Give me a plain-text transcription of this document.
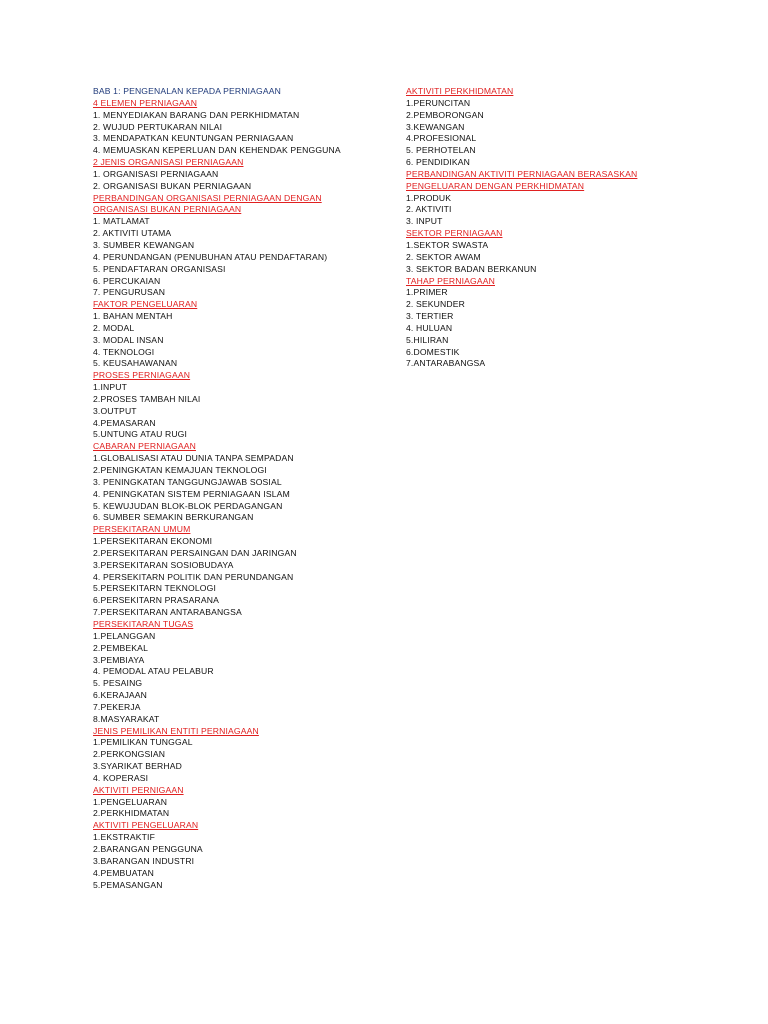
BAB 1: PENGENALAN KEPADA PERNIAGAAN
4 ELEMEN PERNIAGAAN
1. MENYEDIAKAN BARANG DAN PERKHIDMATAN
2. WUJUD PERTUKARAN NILAI
3. MENDAPATKAN KEUNTUNGAN PERNIAGAAN
4. MEMUASKAN KEPERLUAN DAN KEHENDAK PENGGUNA
2 JENIS ORGANISASI PERNIAGAAN
1. ORGANISASI PERNIAGAAN
2. ORGANISASI BUKAN PERNIAGAAN
PERBANDINGAN ORGANISASI PERNIAGAAN DENGAN
ORGANISASI BUKAN PERNIAGAAN
1. MATLAMAT
2. AKTIVITI UTAMA
3. SUMBER KEWANGAN
4. PERUNDANGAN (PENUBUHAN ATAU PENDAFTARAN)
5. PENDAFTARAN ORGANISASI
6. PERCUKAIAN
7. PENGURUSAN
FAKTOR PENGELUARAN
1. BAHAN MENTAH
2. MODAL
3. MODAL INSAN
4. TEKNOLOGI
5. KEUSAHAWANAN
PROSES PERNIAGAAN
1.INPUT
2.PROSES TAMBAH NILAI
3.OUTPUT
4.PEMASARAN
5.UNTUNG ATAU RUGI
CABARAN PERNIAGAAN
1.GLOBALISASI ATAU DUNIA TANPA SEMPADAN
2.PENINGKATAN KEMAJUAN TEKNOLOGI
3. PENINGKATAN TANGGUNGJAWAB SOSIAL
4. PENINGKATAN SISTEM PERNIAGAAN ISLAM
5. KEWUJUDAN BLOK-BLOK PERDAGANGAN
6. SUMBER SEMAKIN BERKURANGAN
PERSEKITARAN UMUM
1.PERSEKITARAN EKONOMI
2.PERSEKITARAN PERSAINGAN DAN JARINGAN
3.PERSEKITARAN SOSIOBUDAYA
4. PERSEKITARN POLITIK DAN PERUNDANGAN
5.PERSEKITARN TEKNOLOGI
6.PERSEKITARN PRASARANA
7.PERSEKITARAN ANTARABANGSA
PERSEKITARAN TUGAS
1.PELANGGAN
2.PEMBEKAL
3.PEMBIAYA
4. PEMODAL ATAU PELABUR
5. PESAING
6.KERAJAAN
7.PEKERJA
8.MASYARAKAT
JENIS PEMILIKAN ENTITI PERNIAGAAN
1.PEMILIKAN TUNGGAL
2.PERKONGSIAN
3.SYARIKAT BERHAD
4. KOPERASI
AKTIVITI PERNIGAAN
1.PENGELUARAN
2.PERKHIDMATAN
AKTIVITI PENGELUARAN
1.EKSTRAKTIF
2.BARANGAN PENGGUNA
3.BARANGAN INDUSTRI
4.PEMBUATAN
5.PEMASANGAN
AKTIVITI PERKHIDMATAN
1.PERUNCITAN
2.PEMBORONGAN
3.KEWANGAN
4.PROFESIONAL
5. PERHOTELAN
6. PENDIDIKAN
PERBANDINGAN AKTIVITI PERNIAGAAN BERASASKAN
PENGELUARAN DENGAN PERKHIDMATAN
1.PRODUK
2. AKTIVITI
3. INPUT
SEKTOR PERNIAGAAN
1.SEKTOR SWASTA
2. SEKTOR AWAM
3. SEKTOR BADAN BERKANUN
TAHAP PERNIAGAAN
1.PRIMER
2. SEKUNDER
3. TERTIER
4. HULUAN
5.HILIRAN
6.DOMESTIK
7.ANTARABANGSA
